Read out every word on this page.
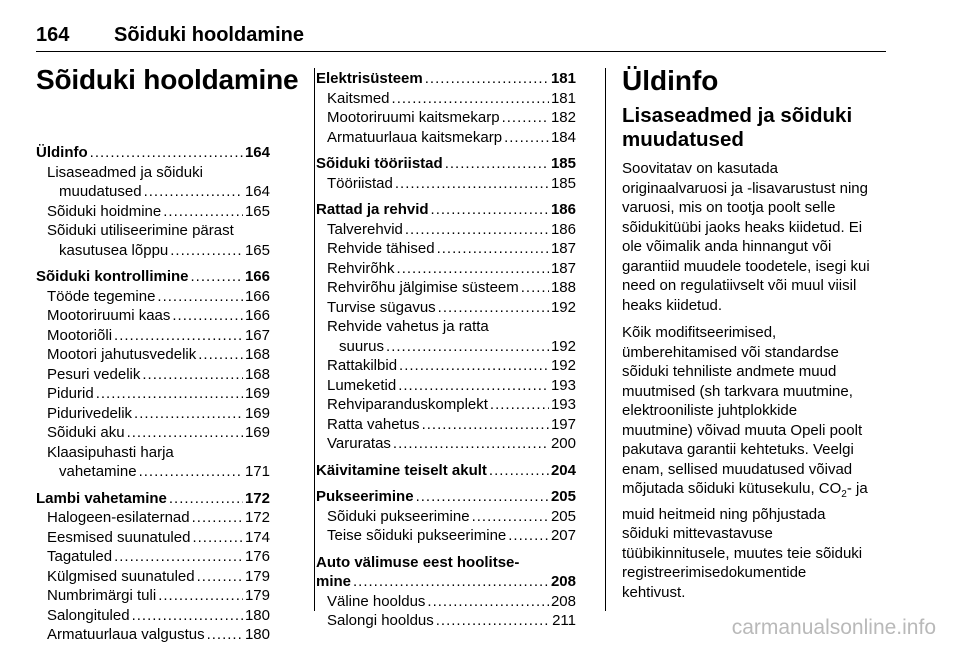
164 Sõiduki hooldamine
Sõiduki hooldamine
Üldinfo .....	164
Lisaseadmed ja sõiduki
muudatused .....	164
Sõiduki hoidmine .....	165
Sõiduki utiliseerimine pärast
kasutusea lõppu .....	165
Sõiduki kontrollimine .....	166
Tööde tegemine .....	166
Mootoriruumi kaas .....	166
Mootoriõli .....	167
Mootori jahutusvedelik .....	168
Pesuri vedelik .....	168
Pidurid .....	169
Pidurivedelik .....	169
Sõiduki aku .....	169
Klaasipuhasti harja
vahetamine .....	171
Lambi vahetamine .....	172
Halogeen-esilaternad .....	172
Eesmised suunatuled .....	174
Tagatuled .....	176
Külgmised suunatuled .....	179
Numbrimärgi tuli .....	179
Salongituled .....	180
Armatuurlaua valgustus .....	180
Elektrisüsteem .....	181
Kaitsmed .....	181
Mootoriruumi kaitsmekarp .....	182
Armatuurlaua kaitsmekarp .....	184
Sõiduki tööriistad .....	185
Tööriistad .....	185
Rattad ja rehvid .....	186
Talverehvid .....	186
Rehvide tähised .....	187
Rehvirõhk .....	187
Rehvirõhu jälgimise süsteem ..... 188
Turvise sügavus .....	192
Rehvide vahetus ja ratta
suurus .....	192
Rattakilbid .....	192
Lumeketid .....	193
Rehviparanduskomplekt .....	193
Ratta vahetus .....	197
Varuratas .....	200
Käivitamine teiselt akult .....	204
Pukseerimine .....	205
Sõiduki pukseerimine .....	205
Teise sõiduki pukseerimine .....	207
Auto välimuse eest hoolitse-
mine .....	208
Väline hooldus .....	208
Salongi hooldus .....	211
Üldinfo
Lisaseadmed ja sõiduki muudatused

Soovitatav on kasutada
originaalvaruosi ja -lisavarustust ning
varuosi, mis on tootja poolt selle
sõidukitüübi jaoks heaks kiidetud. Ei
ole võimalik anda hinnangut või
garantiid muudele toodetele, isegi kui
need on regulatiivselt või muul viisil
heaks kiidetud.

Kõik modifitseerimised,
ümberehitamised või standardse
sõiduki tehniliste andmete muud
muutmised (sh tarkvara muutmine,
elektrooniliste juhtplokkide
muutmine) võivad muuta Opeli poolt
pakutava garantii kehtetuks. Veelgi
enam, sellised muudatused võivad
mõjutada sõiduki kütusekulu, $CO_2-$ ja
muid heitmeid ning põhjustada
sõiduki mittevastavuse
tüübikinnitusele, muutes teie sõiduki
registreerimisedokumentide
kehtivust.

carmanualsonline.info
